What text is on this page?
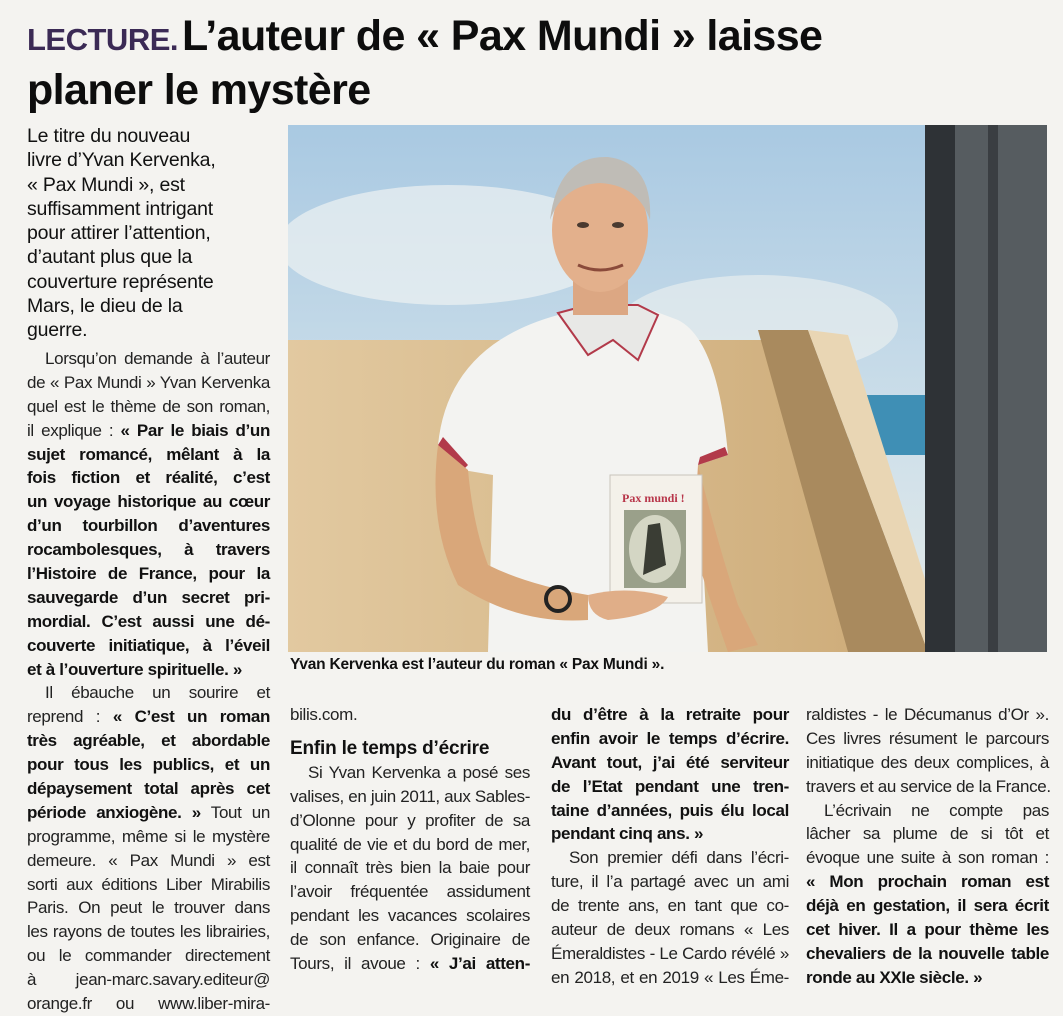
LECTURE. L’auteur de « Pax Mundi » laisse
planer le mystère
Le titre du nouveau
livre d’Yvan Kervenka,
« Pax Mundi », est
suffisamment intrigant
pour attirer l’attention,
d’autant plus que la
couverture représente
Mars, le dieu de la
guerre.
Pax mundi !
Yvan Kervenka est l’auteur du roman « Pax Mundi ».
Lorsqu’on demande à l’auteur
de « Pax Mundi » Yvan Kervenka
quel est le thème de son roman,
il explique : « Par le biais d’un
sujet romancé, mêlant à la
fois fiction et réalité, c’est
un voyage historique au cœur
d’un tourbillon d’aventures
rocambolesques, à travers
l’Histoire de France, pour la
sauvegarde d’un secret pri-
mordial. C’est aussi une dé-
couverte initiatique, à l’éveil
et à l’ouverture spirituelle. »
Il ébauche un sourire et
reprend : « C’est un roman
très agréable, et abordable
pour tous les publics, et un
dépaysement total après cet
période anxiogène. » Tout un
programme, même si le mystère
demeure. « Pax Mundi » est
sorti aux éditions Liber Mirabilis
Paris. On peut le trouver dans
les rayons de toutes les librairies,
ou le commander directement
à jean-marc.savary.editeur@
orange.fr ou www.liber-mira-
bilis.com.
Enfin le temps d’écrire
Si Yvan Kervenka a posé ses
valises, en juin 2011, aux Sables-
d’Olonne pour y profiter de sa
qualité de vie et du bord de mer,
il connaît très bien la baie pour
l’avoir fréquentée assidument
pendant les vacances scolaires
de son enfance. Originaire de
Tours, il avoue : « J’ai atten-
du d’être à la retraite pour
enfin avoir le temps d’écrire.
Avant tout, j’ai été serviteur
de l’Etat pendant une tren-
taine d’années, puis élu local
pendant cinq ans. »
Son premier défi dans l’écri-
ture, il l’a partagé avec un ami
de trente ans, en tant que co-
auteur de deux romans « Les
Émeraldistes - Le Cardo révélé »
en 2018, et en 2019 « Les Éme-
raldistes - le Décumanus d’Or ».
Ces livres résument le parcours
initiatique des deux complices, à
travers et au service de la France.
L’écrivain ne compte pas
lâcher sa plume de si tôt et
évoque une suite à son roman :
« Mon prochain roman est
déjà en gestation, il sera écrit
cet hiver. Il a pour thème les
chevaliers de la nouvelle table
ronde au XXIe siècle. »
